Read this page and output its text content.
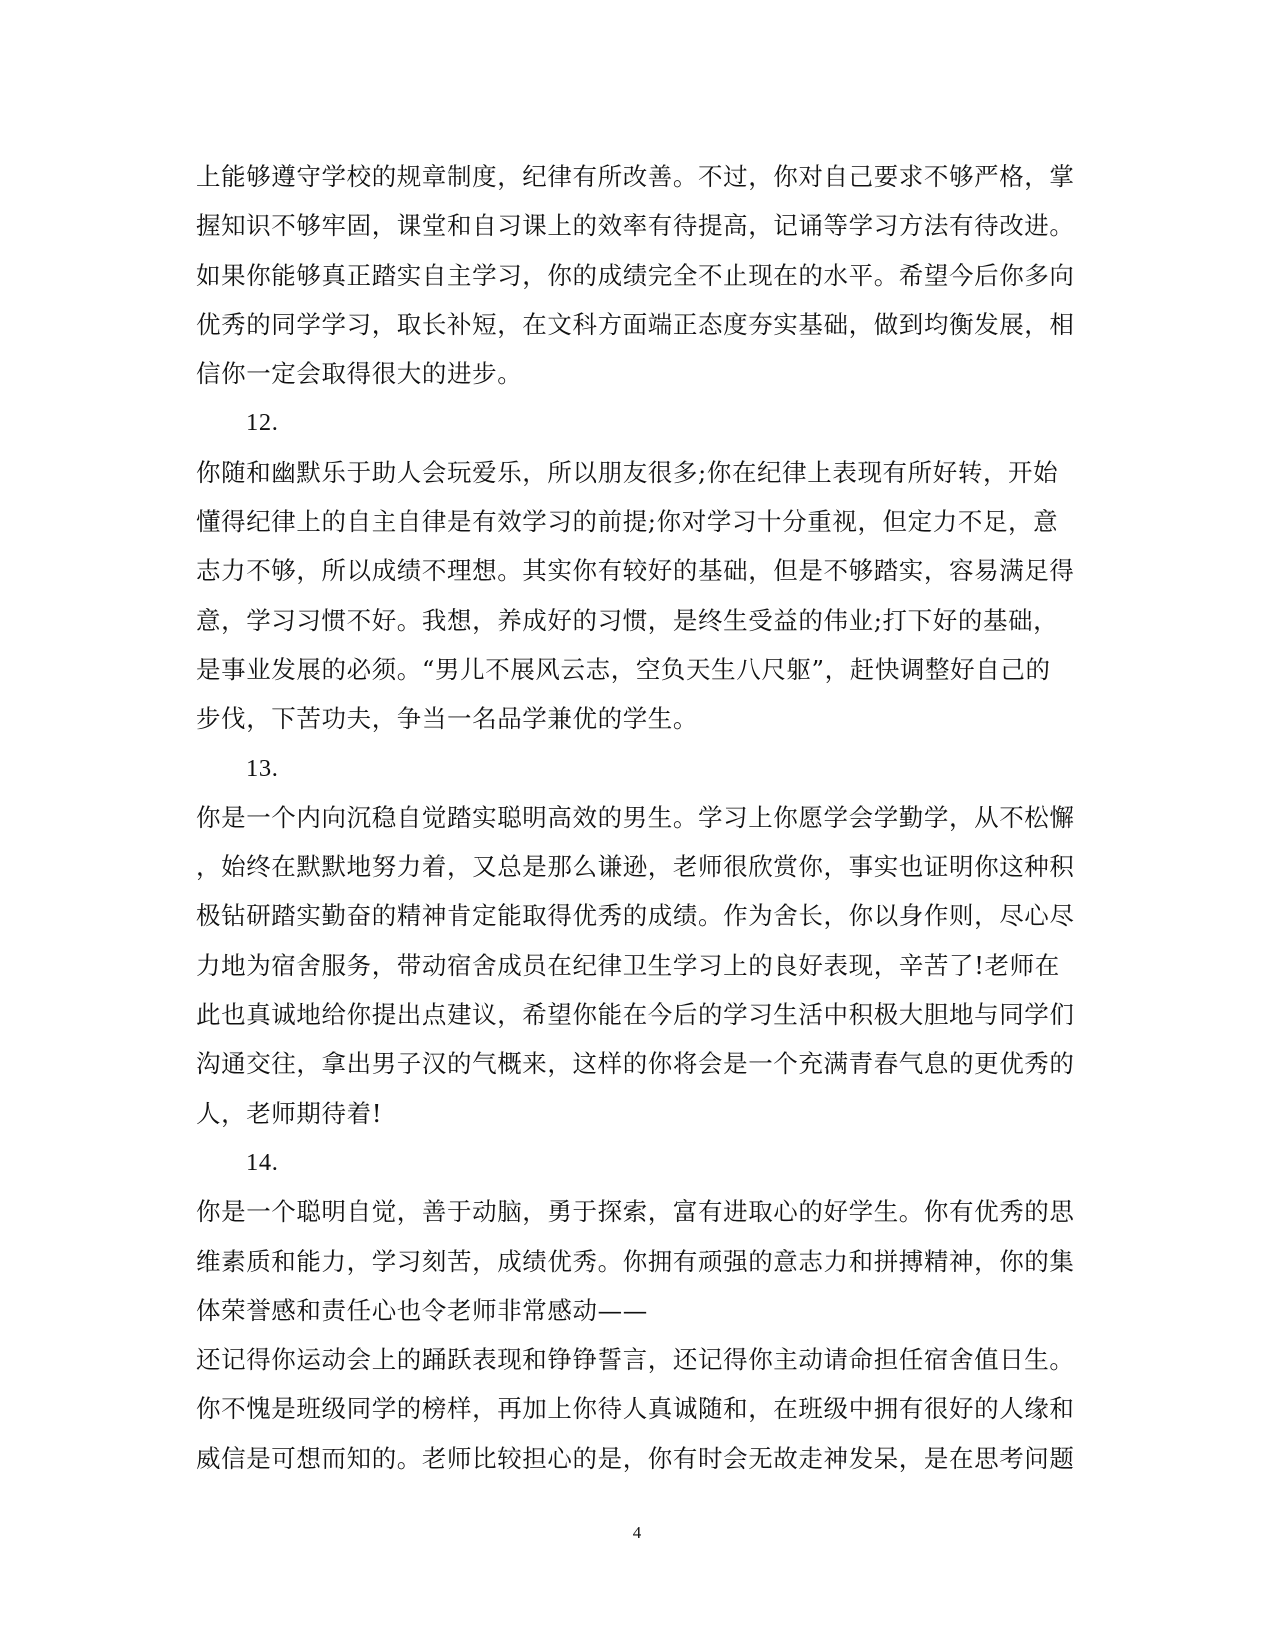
上能够遵守学校的规章制度，纪律有所改善。不过，你对自己要求不够严格，掌
握知识不够牢固，课堂和自习课上的效率有待提高，记诵等学习方法有待改进。
如果你能够真正踏实自主学习，你的成绩完全不止现在的水平。希望今后你多向
优秀的同学学习，取长补短，在文科方面端正态度夯实基础，做到均衡发展，相
信你一定会取得很大的进步。
12.
你随和幽默乐于助人会玩爱乐，所以朋友很多;你在纪律上表现有所好转，开始
懂得纪律上的自主自律是有效学习的前提;你对学习十分重视，但定力不足，意
志力不够，所以成绩不理想。其实你有较好的基础，但是不够踏实，容易满足得
意，学习习惯不好。我想，养成好的习惯，是终生受益的伟业;打下好的基础，
是事业发展的必须。“男儿不展风云志，空负天生八尺躯”，赶快调整好自己的
步伐，下苦功夫，争当一名品学兼优的学生。
13.
你是一个内向沉稳自觉踏实聪明高效的男生。学习上你愿学会学勤学，从不松懈
，始终在默默地努力着，又总是那么谦逊，老师很欣赏你，事实也证明你这种积
极钻研踏实勤奋的精神肯定能取得优秀的成绩。作为舍长，你以身作则，尽心尽
力地为宿舍服务，带动宿舍成员在纪律卫生学习上的良好表现，辛苦了!老师在
此也真诚地给你提出点建议，希望你能在今后的学习生活中积极大胆地与同学们
沟通交往，拿出男子汉的气概来，这样的你将会是一个充满青春气息的更优秀的
人，老师期待着!
14.
你是一个聪明自觉，善于动脑，勇于探索，富有进取心的好学生。你有优秀的思
维素质和能力，学习刻苦，成绩优秀。你拥有顽强的意志力和拼搏精神，你的集
体荣誉感和责任心也令老师非常感动——
还记得你运动会上的踊跃表现和铮铮誓言，还记得你主动请命担任宿舍值日生。
你不愧是班级同学的榜样，再加上你待人真诚随和，在班级中拥有很好的人缘和
威信是可想而知的。老师比较担心的是，你有时会无故走神发呆，是在思考问题
4
